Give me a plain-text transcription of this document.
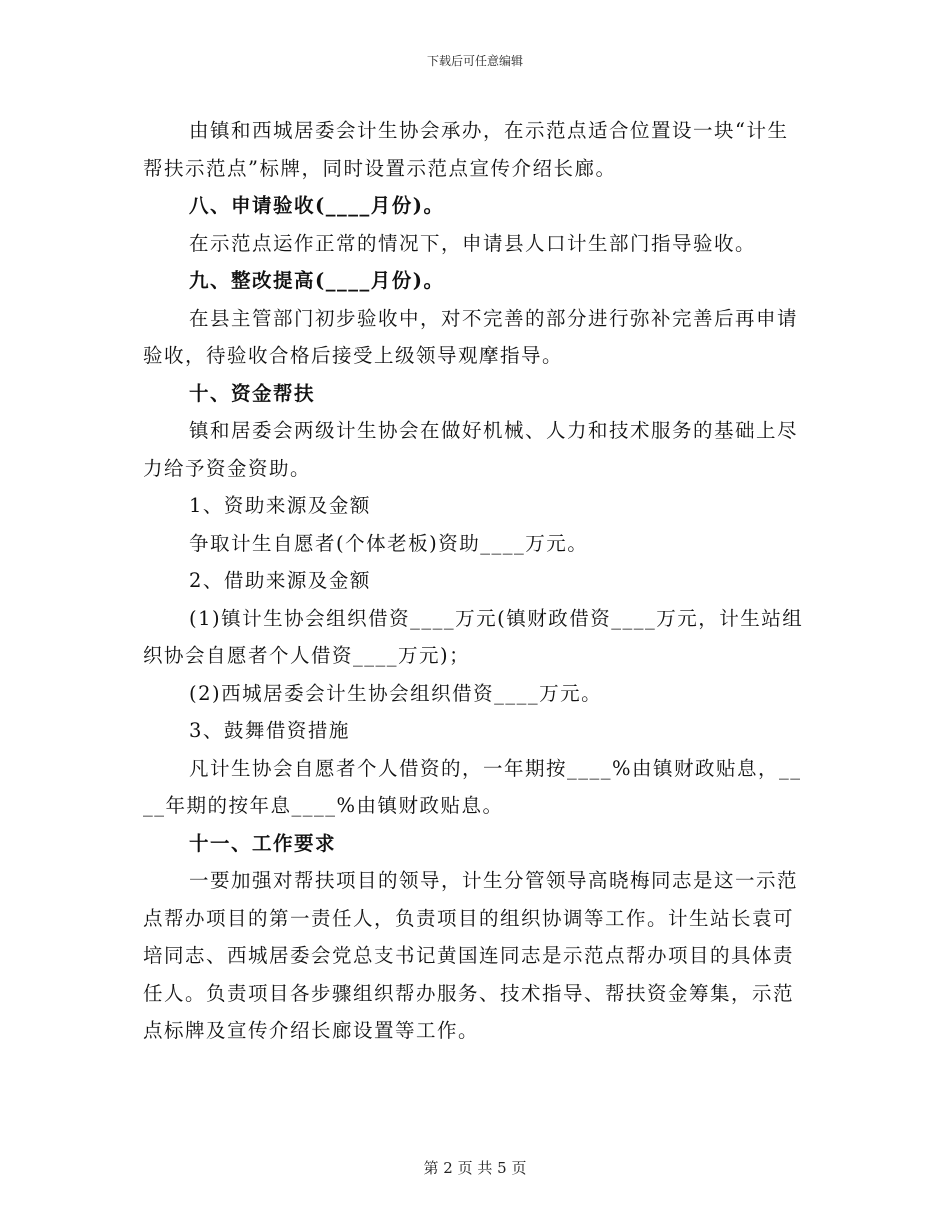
下载后可任意编辑

由镇和西城居委会计生协会承办，在示范点适合位置设一块“计生帮扶示范点”标牌，同时设置示范点宣传介绍长廊。

八、申请验收(____月份)。

在示范点运作正常的情况下，申请县人口计生部门指导验收。

九、整改提高(____月份)。

在县主管部门初步验收中，对不完善的部分进行弥补完善后再申请验收，待验收合格后接受上级领导观摩指导。

十、资金帮扶

镇和居委会两级计生协会在做好机械、人力和技术服务的基础上尽力给予资金资助。

1、资助来源及金额

争取计生自愿者(个体老板)资助____万元。

2、借助来源及金额

(1)镇计生协会组织借资____万元(镇财政借资____万元，计生站组织协会自愿者个人借资____万元)；

(2)西城居委会计生协会组织借资____万元。

3、鼓舞借资措施

凡计生协会自愿者个人借资的，一年期按____%由镇财政贴息，____年期的按年息____%由镇财政贴息。

十一、工作要求

一要加强对帮扶项目的领导，计生分管领导高晓梅同志是这一示范点帮办项目的第一责任人，负责项目的组织协调等工作。计生站长袁可培同志、西城居委会党总支书记黄国连同志是示范点帮办项目的具体责任人。负责项目各步骤组织帮办服务、技术指导、帮扶资金筹集，示范点标牌及宣传介绍长廊设置等工作。

第 2 页 共 5 页
